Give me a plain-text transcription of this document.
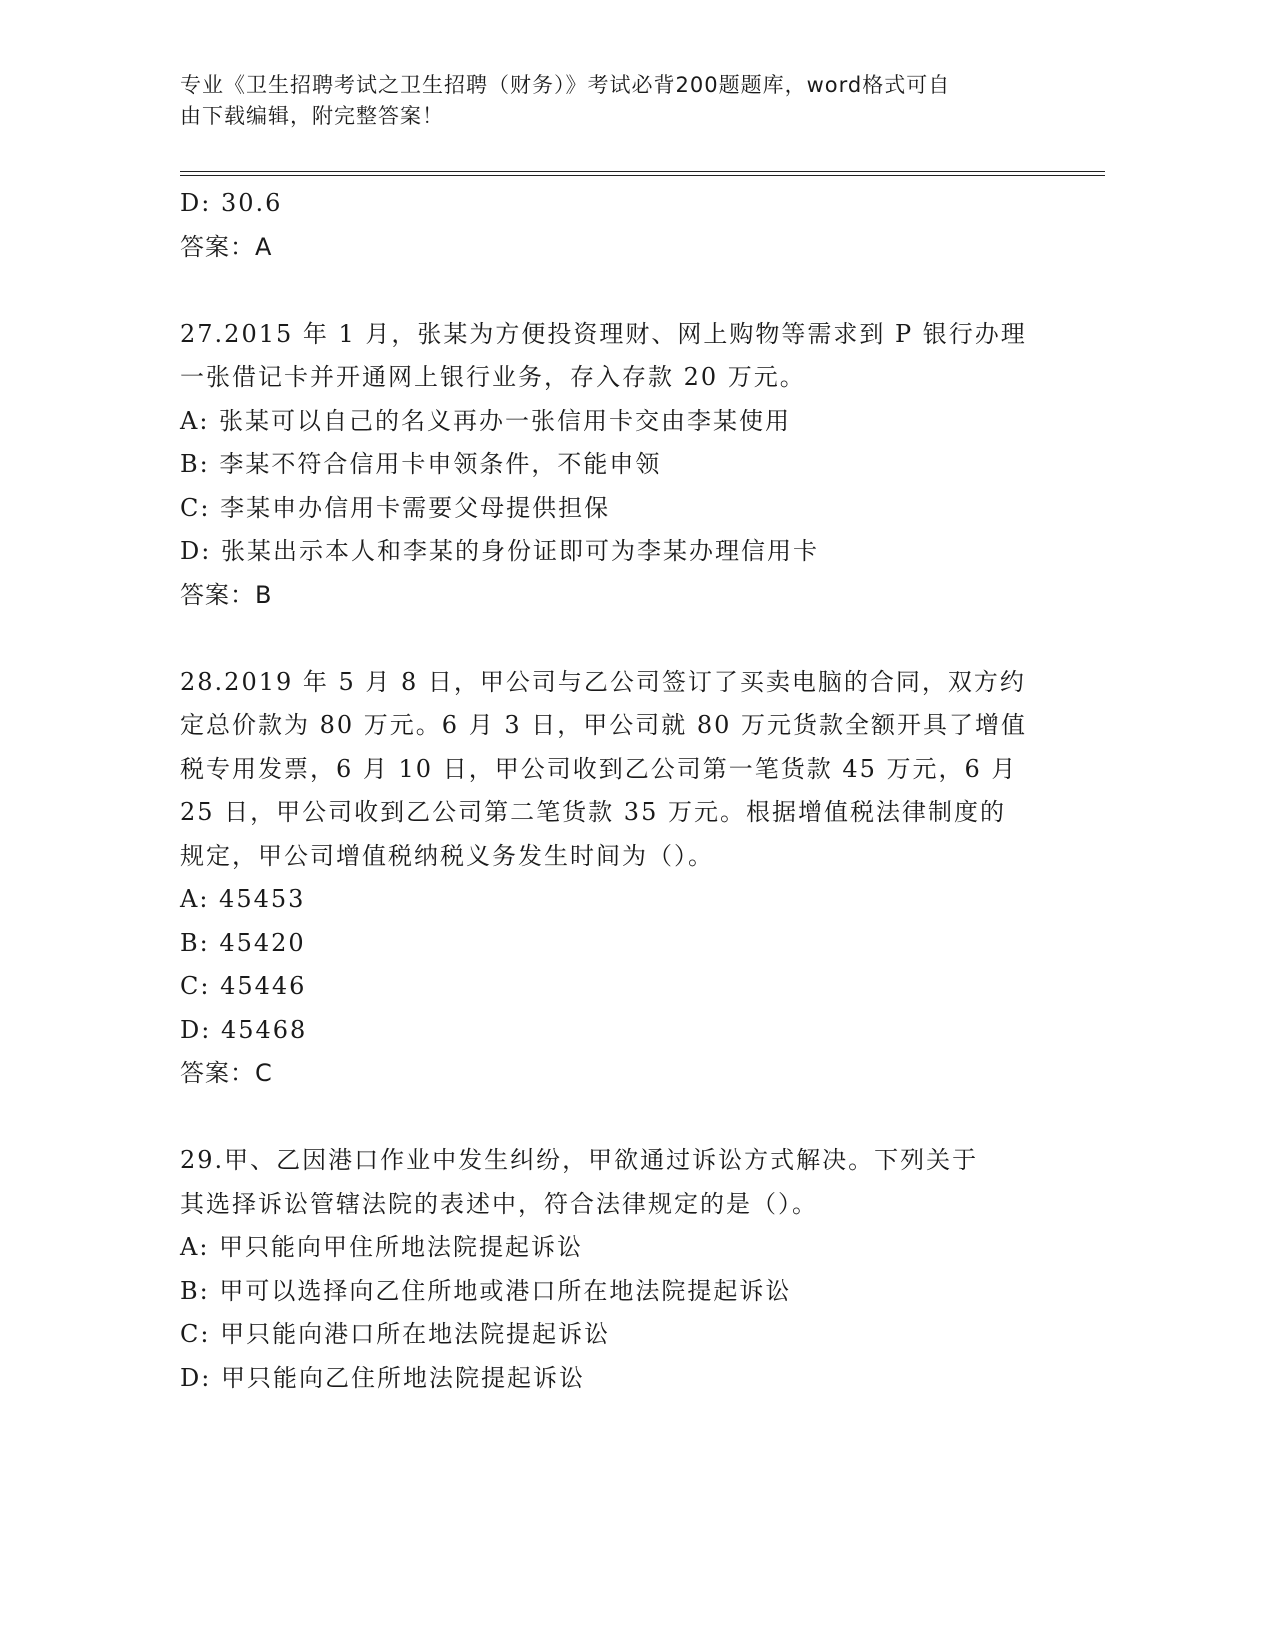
专业《卫生招聘考试之卫生招聘（财务）》考试必背200题题库，word格式可自
由下载编辑，附完整答案！
D: 30.6
答案：A
27.2015 年 1 月，张某为方便投资理财、网上购物等需求到 P 银行办理
一张借记卡并开通网上银行业务，存入存款 20 万元。
A: 张某可以自己的名义再办一张信用卡交由李某使用
B: 李某不符合信用卡申领条件，不能申领
C: 李某申办信用卡需要父母提供担保
D: 张某出示本人和李某的身份证即可为李某办理信用卡
答案：B
28.2019 年 5 月 8 日，甲公司与乙公司签订了买卖电脑的合同，双方约
定总价款为 80 万元。6 月 3 日，甲公司就 80 万元货款全额开具了增值
税专用发票，6 月 10 日，甲公司收到乙公司第一笔货款 45 万元，6 月
25 日，甲公司收到乙公司第二笔货款 35 万元。根据增值税法律制度的
规定，甲公司增值税纳税义务发生时间为（）。
A: 45453
B: 45420
C: 45446
D: 45468
答案：C
29.甲、乙因港口作业中发生纠纷，甲欲通过诉讼方式解决。下列关于
其选择诉讼管辖法院的表述中，符合法律规定的是（）。
A: 甲只能向甲住所地法院提起诉讼
B: 甲可以选择向乙住所地或港口所在地法院提起诉讼
C: 甲只能向港口所在地法院提起诉讼
D: 甲只能向乙住所地法院提起诉讼
